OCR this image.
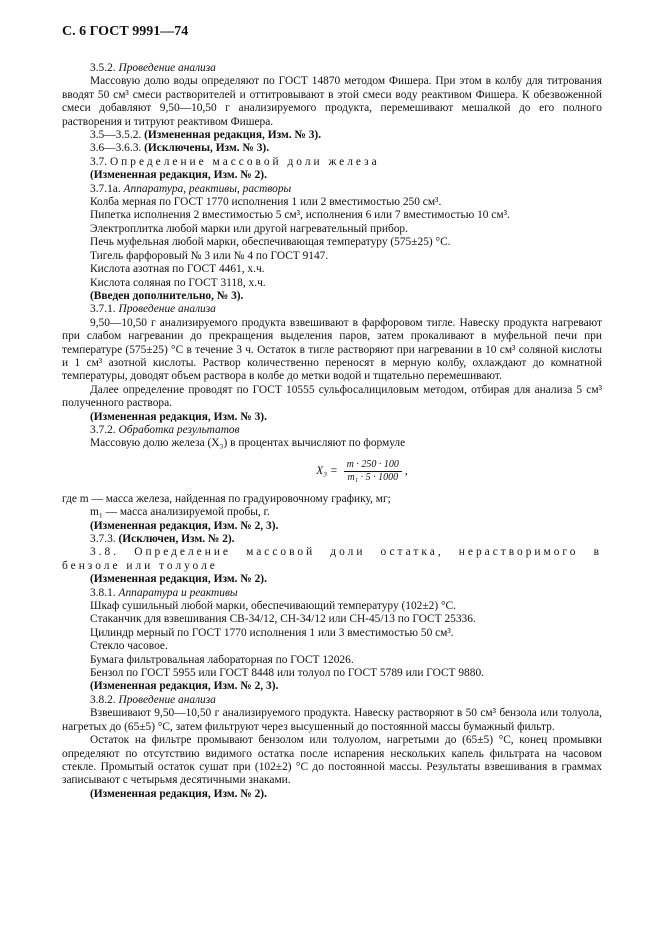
С. 6 ГОСТ 9991—74

3.5.2. Проведение анализа

Массовую долю воды определяют по ГОСТ 14870 методом Фишера. При этом в колбу для титрования вводят 50 см³ смеси растворителей и оттитровывают в этой смеси воду реактивом Фишера. К обезвоженной смеси добавляют 9,50—10,50 г анализируемого продукта, перемешивают мешалкой до его полного растворения и титруют реактивом Фишера.

3.5—3.5.2. (Измененная редакция, Изм. № 3).

3.6—3.6.3. (Исключены, Изм. № 3).

3.7. Определение массовой доли железа

(Измененная редакция, Изм. № 2).

3.7.1а. Аппаратура, реактивы, растворы

Колба мерная по ГОСТ 1770 исполнения 1 или 2 вместимостью 250 см³.

Пипетка исполнения 2 вместимостью 5 см³, исполнения 6 или 7 вместимостью 10 см³.

Электроплитка любой марки или другой нагревательный прибор.

Печь муфельная любой марки, обеспечивающая температуру (575±25) °С.

Тигель фарфоровый № 3 или № 4 по ГОСТ 9147.

Кислота азотная по ГОСТ 4461, х.ч.

Кислота соляная по ГОСТ 3118, х.ч.

(Введен дополнительно, № 3).

3.7.1. Проведение анализа

9,50—10,50 г анализируемого продукта взвешивают в фарфоровом тигле. Навеску продукта нагревают при слабом нагревании до прекращения выделения паров, затем прокаливают в муфельной печи при температуре (575±25) °С в течение 3 ч. Остаток в тигле растворяют при нагревании в 10 см³ соляной кислоты и 1 см³ азотной кислоты. Раствор количественно переносят в мерную колбу, охлаждают до комнатной температуры, доводят объем раствора в колбе до метки водой и тщательно перемешивают.

Далее определение проводят по ГОСТ 10555 сульфосалициловым методом, отбирая для анализа 5 см³ полученного раствора.

(Измененная редакция, Изм. № 3).

3.7.2. Обработка результатов

Массовую долю железа (X₃) в процентах вычисляют по формуле

$X_3 = \frac{m \cdot 250 \cdot 100}{\text{m₁ · 5 · 1000}}$ ,

где m — масса железа, найденная по градуировочному графику, мг;

m₁ — масса анализируемой пробы, г.

(Измененная редакция, Изм. № 2, 3).

3.7.3. (Исключен, Изм. № 2).

3.8. Определение массовой доли остатка, нерастворимого в бензоле или толуоле

(Измененная редакция, Изм. № 2).

3.8.1. Аппаратура и реактивы

Шкаф сушильный любой марки, обеспечивающий температуру (102±2) °С.

Стаканчик для взвешивания СВ-34/12, СН-34/12 или СН-45/13 по ГОСТ 25336.

Цилиндр мерный по ГОСТ 1770 исполнения 1 или 3 вместимостью 50 см³.

Стекло часовое.

Бумага фильтровальная лабораторная по ГОСТ 12026.

Бензол по ГОСТ 5955 или ГОСТ 8448 или толуол по ГОСТ 5789 или ГОСТ 9880.

(Измененная редакция, Изм. № 2, 3).

3.8.2. Проведение анализа

Взвешивают 9,50—10,50 г анализируемого продукта. Навеску растворяют в 50 см³ бензола или толуола, нагретых до (65±5) °С, затем фильтруют через высушенный до постоянной массы бумажный фильтр.

Остаток на фильтре промывают бензолом или толуолом, нагретыми до (65±5) °С, конец промывки определяют по отсутствию видимого остатка после испарения нескольких капель фильтрата на часовом стекле. Промытый остаток сушат при (102±2) °С до постоянной массы. Результаты взвешивания в граммах записывают с четырьмя десятичными знаками.

(Измененная редакция, Изм. № 2).
